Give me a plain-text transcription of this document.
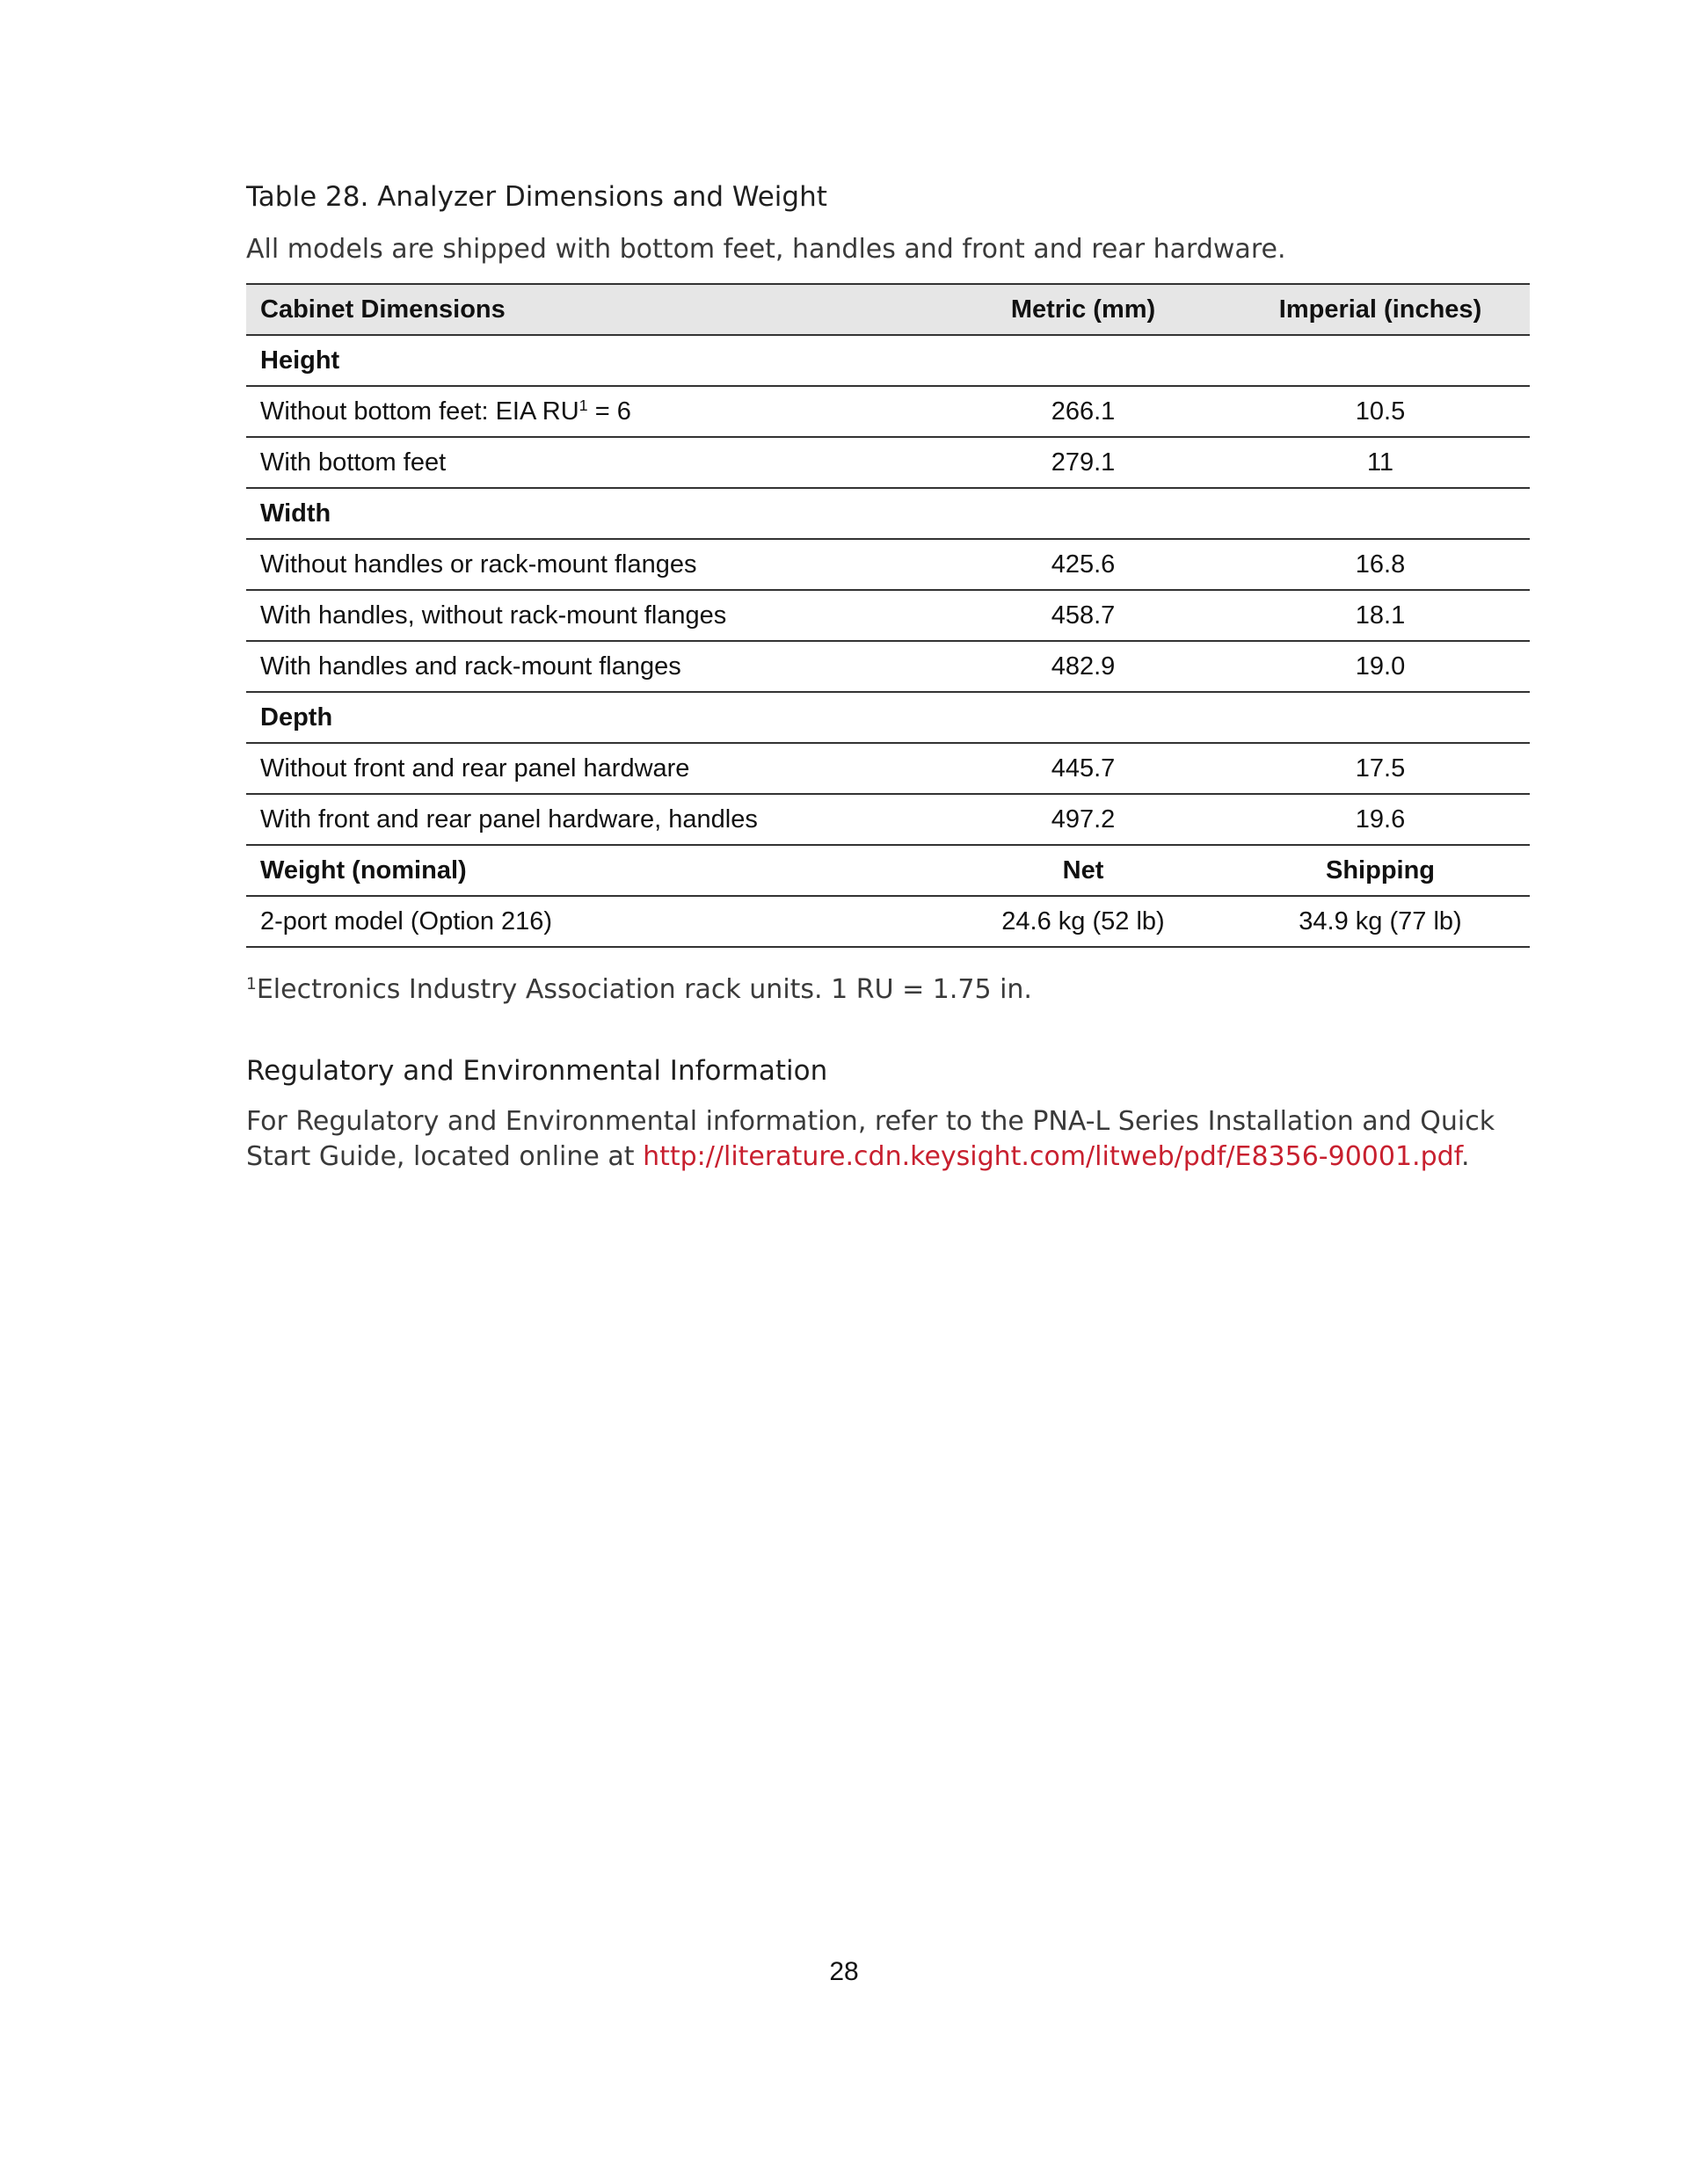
Table 28. Analyzer Dimensions and Weight
All models are shipped with bottom feet, handles and front and rear hardware.
Cabinet Dimensions	Metric (mm)	Imperial (inches)
Height		
Without bottom feet: EIA $RU^1 = 6$	266.1	10.5
With bottom feet	279.1	11
Width		
Without handles or rack-mount flanges	425.6	16.8
With handles, without rack-mount flanges	458.7	18.1
With handles and rack-mount flanges	482.9	19.0
Depth		
Without front and rear panel hardware	445.7	17.5
With front and rear panel hardware, handles	497.2	19.6
Weight (nominal)	Net	Shipping
2-port model (Option 216)	24.6 kg (52 lb)	34.9 kg (77 lb)
$^1$Electronics Industry Association rack units. 1 RU = 1.75 in.
Regulatory and Environmental Information
For Regulatory and Environmental information, refer to the PNA-L Series Installation and Quick Start Guide, located online at http://literature.cdn.keysight.com/litweb/pdf/E8356-90001.pdf.
28
